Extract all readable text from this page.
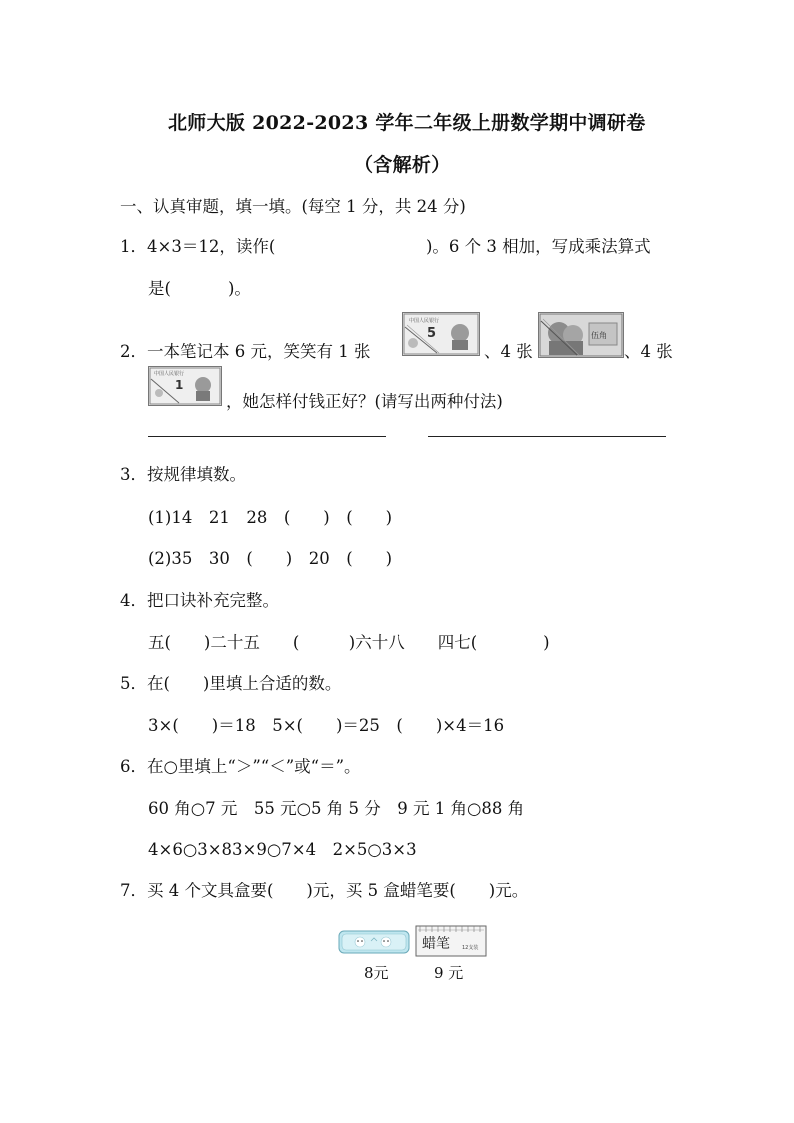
北师大版 2022-2023 学年二年级上册数学期中调研卷
（含解析）
一、认真审题，填一填。(每空 1 分，共 24 分)
1．4×3＝12，读作(	)。6 个 3 相加，写成乘法算式
是(	)。
2．一本笔记本 6 元，笑笑有 1 张
中国人民银行
5
、4 张
伍角
、4 张
中国人民银行
1
，她怎样付钱正好？(请写出两种付法)
3．按规律填数。
(1)14　21　28　(　　)　(　　)
(2)35　30　(　　)　20　(　　)
4．把口诀补充完整。
五(　　)二十五　　(　　　)六十八　　四七(　　　　)
5．在(　　)里填上合适的数。
3×(　　)＝18　5×(　　)＝25　(　　)×4＝16
6．在○里填上“＞”“＜”或“＝”。
60 角○7 元　55 元○5 角 5 分　9 元 1 角○88 角
4×6○3×83×9○7×4　2×5○3×3
7．买 4 个文具盒要(　　)元，买 5 盒蜡笔要(　　)元。
蜡笔 12支装
8元	9 元
